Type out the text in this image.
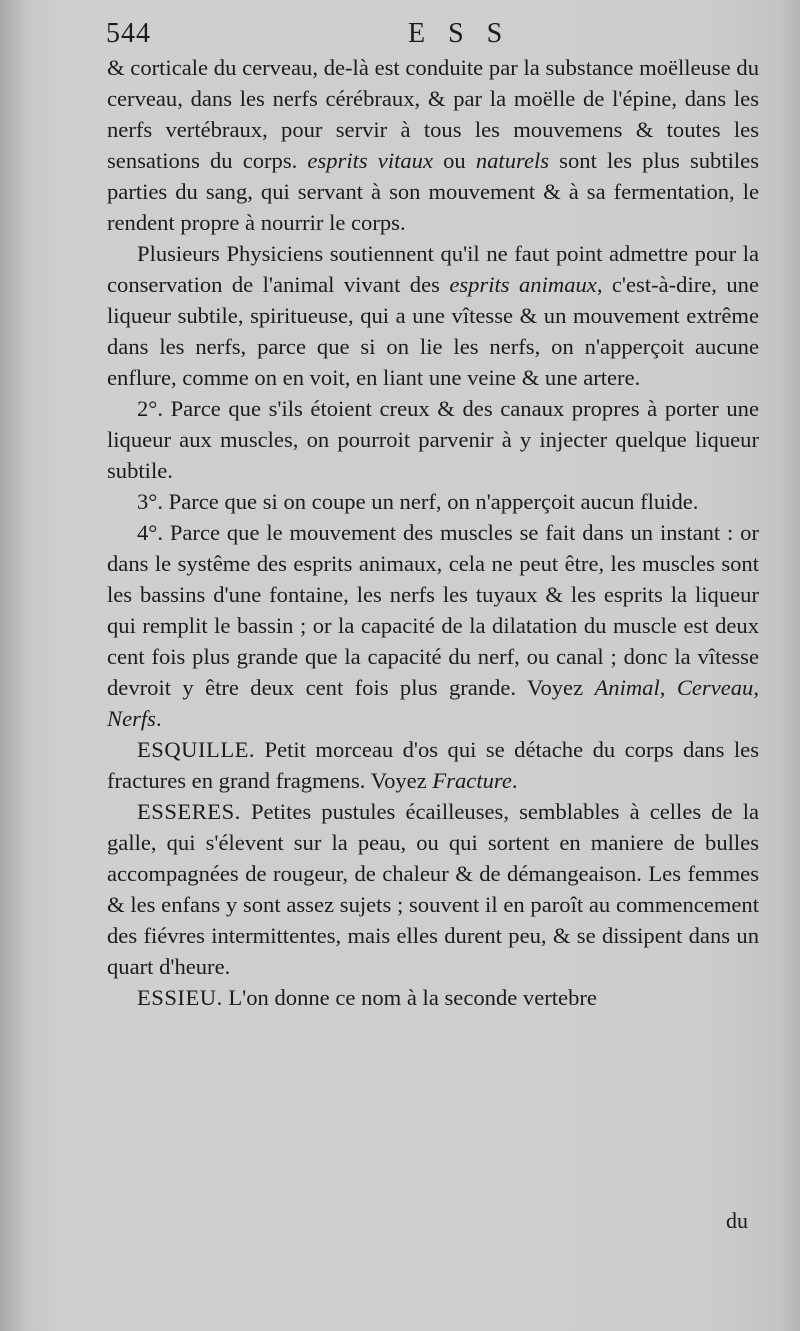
544	E S S

& corticale du cerveau, de-là est conduite par la substance moëlleuse du cerveau, dans les nerfs cérébraux, & par la moëlle de l'épine, dans les nerfs vertébraux, pour servir à tous les mouvemens & toutes les sensations du corps. esprits vitaux ou naturels sont les plus subtiles parties du sang, qui servant à son mouvement & à sa fermentation, le rendent propre à nourrir le corps.

Plusieurs Physiciens soutiennent qu'il ne faut point admettre pour la conservation de l'animal vivant des esprits animaux, c'est-à-dire, une liqueur subtile, spiritueuse, qui a une vîtesse & un mouvement extrême dans les nerfs, parce que si on lie les nerfs, on n'apperçoit aucune enflure, comme on en voit, en liant une veine & une artere.

2°. Parce que s'ils étoient creux & des canaux propres à porter une liqueur aux muscles, on pourroit parvenir à y injecter quelque liqueur subtile.

3°. Parce que si on coupe un nerf, on n'apperçoit aucun fluide.

4°. Parce que le mouvement des muscles se fait dans un instant : or dans le systême des esprits animaux, cela ne peut être, les muscles sont les bassins d'une fontaine, les nerfs les tuyaux & les esprits la liqueur qui remplit le bassin ; or la capacité de la dilatation du muscle est deux cent fois plus grande que la capacité du nerf, ou canal ; donc la vîtesse devroit y être deux cent fois plus grande. Voyez Animal, Cerveau, Nerfs.

ESQUILLE. Petit morceau d'os qui se détache du corps dans les fractures en grand fragmens. Voyez Fracture.

ESSERES. Petites pustules écailleuses, semblables à celles de la galle, qui s'élevent sur la peau, ou qui sortent en maniere de bulles accompagnées de rougeur, de chaleur & de démangeaison. Les femmes & les enfans y sont assez sujets ; souvent il en paroît au commencement des fiévres intermittentes, mais elles durent peu, & se dissipent dans un quart d'heure.

ESSIEU. L'on donne ce nom à la seconde vertebre

du
